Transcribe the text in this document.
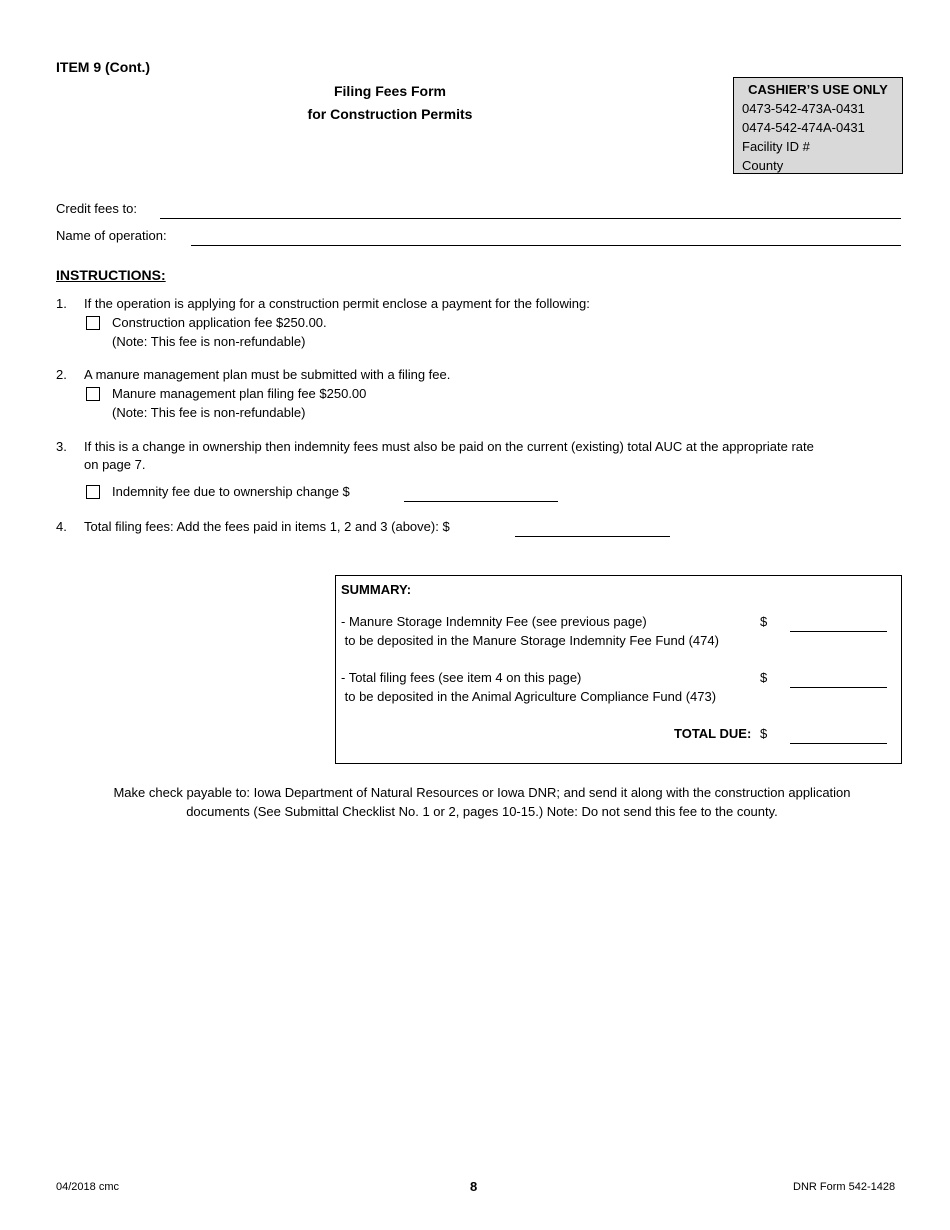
ITEM 9 (Cont.)
Filing Fees Form
for Construction Permits
CASHIER’S USE ONLY
0473-542-473A-0431
0474-542-474A-0431
Facility ID #
County
Credit fees to:
Name of operation:
INSTRUCTIONS:
1. If the operation is applying for a construction permit enclose a payment for the following:
Construction application fee $250.00.
(Note: This fee is non-refundable)
2. A manure management plan must be submitted with a filing fee.
Manure management plan filing fee $250.00
(Note: This fee is non-refundable)
3. If this is a change in ownership then indemnity fees must also be paid on the current (existing) total AUC at the appropriate rate
on page 7.
Indemnity fee due to ownership change $
4. Total filing fees: Add the fees paid in items 1, 2 and 3 (above): $
SUMMARY:
- Manure Storage Indemnity Fee (see previous page)
to be deposited in the Manure Storage Indemnity Fee Fund (474)
$
- Total filing fees (see item 4 on this page)
to be deposited in the Animal Agriculture Compliance Fund (473)
$
TOTAL DUE: $
Make check payable to: Iowa Department of Natural Resources or Iowa DNR; and send it along with the construction application
documents (See Submittal Checklist No. 1 or 2, pages 10-15.) Note: Do not send this fee to the county.
04/2018 cmc	8	DNR Form 542-1428
